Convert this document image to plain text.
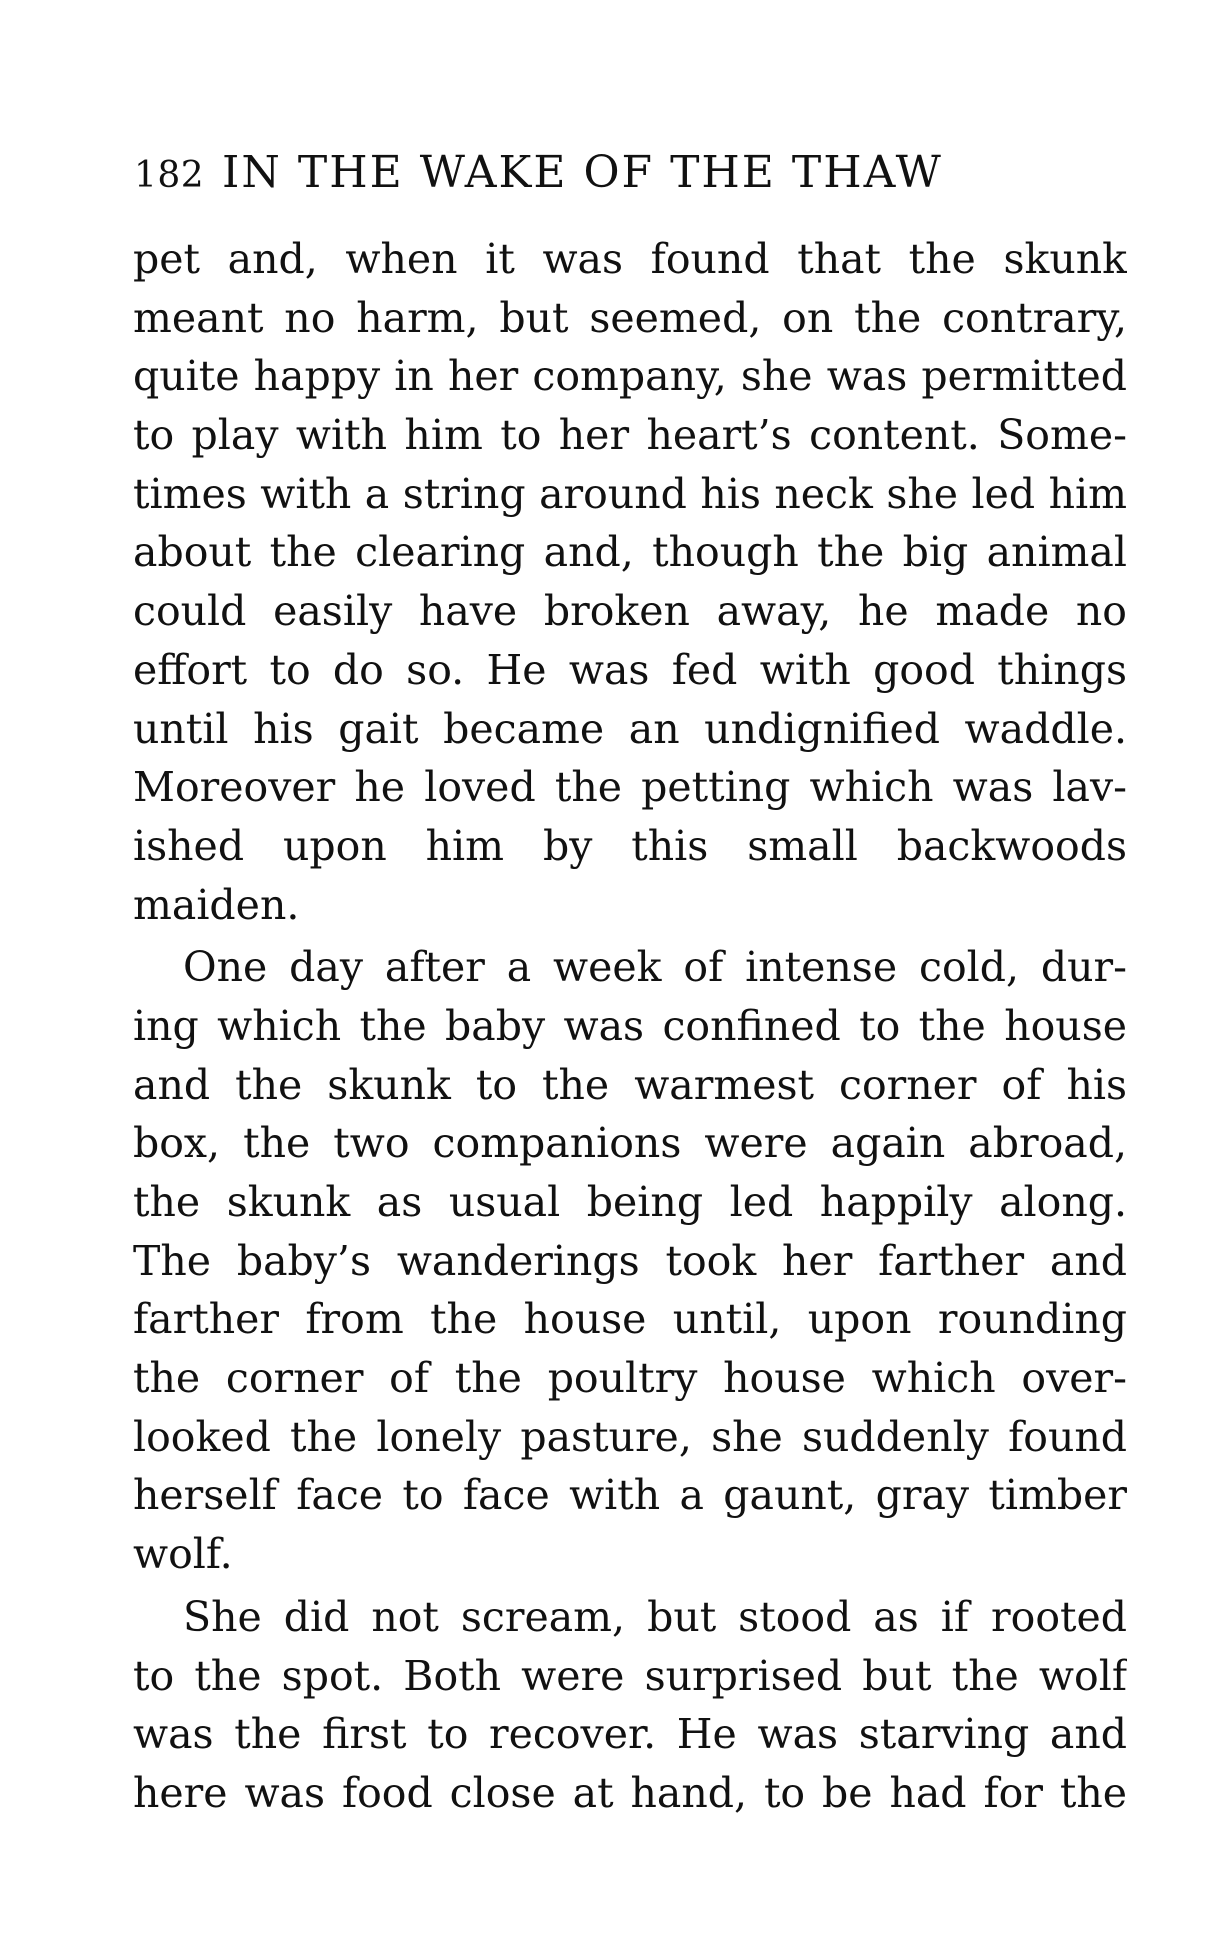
182 IN THE WAKE OF THE THAW
pet and, when it was found that the skunk
meant no harm, but seemed, on the contrary,
quite happy in her company, she was permitted
to play with him to her heart’s content. Some-
times with a string around his neck she led him
about the clearing and, though the big animal
could easily have broken away, he made no
effort to do so. He was fed with good things
until his gait became an undignified waddle.
Moreover he loved the petting which was lav-
ished upon him by this small backwoods
maiden.
One day after a week of intense cold, dur-
ing which the baby was confined to the house
and the skunk to the warmest corner of his
box, the two companions were again abroad,
the skunk as usual being led happily along.
The baby’s wanderings took her farther and
farther from the house until, upon rounding
the corner of the poultry house which over-
looked the lonely pasture, she suddenly found
herself face to face with a gaunt, gray timber
wolf.
She did not scream, but stood as if rooted
to the spot. Both were surprised but the wolf
was the first to recover. He was starving and
here was food close at hand, to be had for the
